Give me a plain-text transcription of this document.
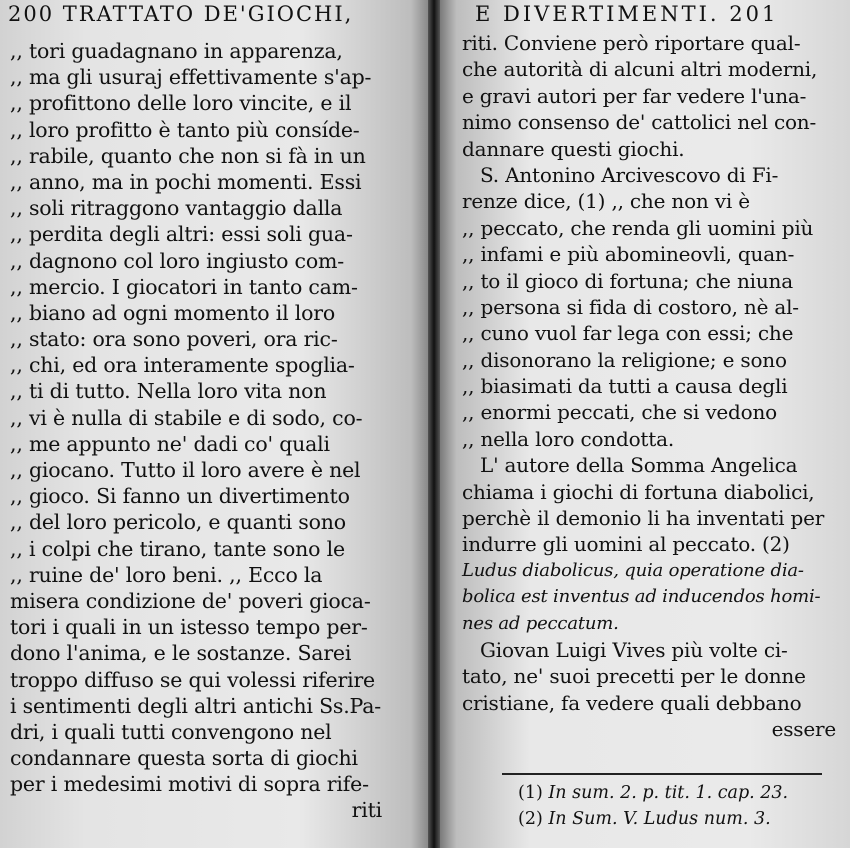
200 TRATTATO DE'GIOCHI,
,, tori guadagnano in apparenza,
,, ma gli usuraj effettivamente s'ap-
,, profittono delle loro vincite, e il
,, loro profitto è tanto più consíde-
,, rabile, quanto che non si fà in un
,, anno, ma in pochi momenti. Essi
,, soli ritraggono vantaggio dalla
,, perdita degli altri: essi soli gua-
,, dagnono col loro ingiusto com-
,, mercio. I giocatori in tanto cam-
,, biano ad ogni momento il loro
,, stato: ora sono poveri, ora ric-
,, chi, ed ora interamente spoglia-
,, ti di tutto. Nella loro vita non
,, vi è nulla di stabile e di sodo, co-
,, me appunto ne' dadi co' quali
,, giocano. Tutto il loro avere è nel
,, gioco. Si fanno un divertimento
,, del loro pericolo, e quanti sono
,, i colpi che tirano, tante sono le
,, ruine de' loro beni. ,, Ecco la
misera condizione de' poveri gioca-
tori i quali in un istesso tempo per-
dono l'anima, e le sostanze. Sarei
troppo diffuso se qui volessi riferire
i sentimenti degli altri antichi Ss.Pa-
dri, i quali tutti convengono nel
condannare questa sorta di giochi
per i medesimi motivi di sopra rife-
riti
E DIVERTIMENTI. 201
riti. Conviene però riportare qual-
che autorità di alcuni altri moderni,
e gravi autori per far vedere l'una-
nimo consenso de' cattolici nel con-
dannare questi giochi.
S. Antonino Arcivescovo di Fi-
renze dice, (1) ,, che non vi è
,, peccato, che renda gli uomini più
,, infami e più abomineovli, quan-
,, to il gioco di fortuna; che niuna
,, persona si fida di costoro, nè al-
,, cuno vuol far lega con essi; che
,, disonorano la religione; e sono
,, biasimati da tutti a causa degli
,, enormi peccati, che si vedono
,, nella loro condotta.
L' autore della Somma Angelica
chiama i giochi di fortuna diabolici,
perchè il demonio li ha inventati per
indurre gli uomini al peccato. (2)
Ludus diabolicus, quia operatione dia-
bolica est inventus ad inducendos homi-
nes ad peccatum.
Giovan Luigi Vives più volte ci-
tato, ne' suoi precetti per le donne
cristiane, fa vedere quali debbano
essere
(1) In sum. 2. p. tit. 1. cap. 23.
(2) In Sum. V. Ludus num. 3.
